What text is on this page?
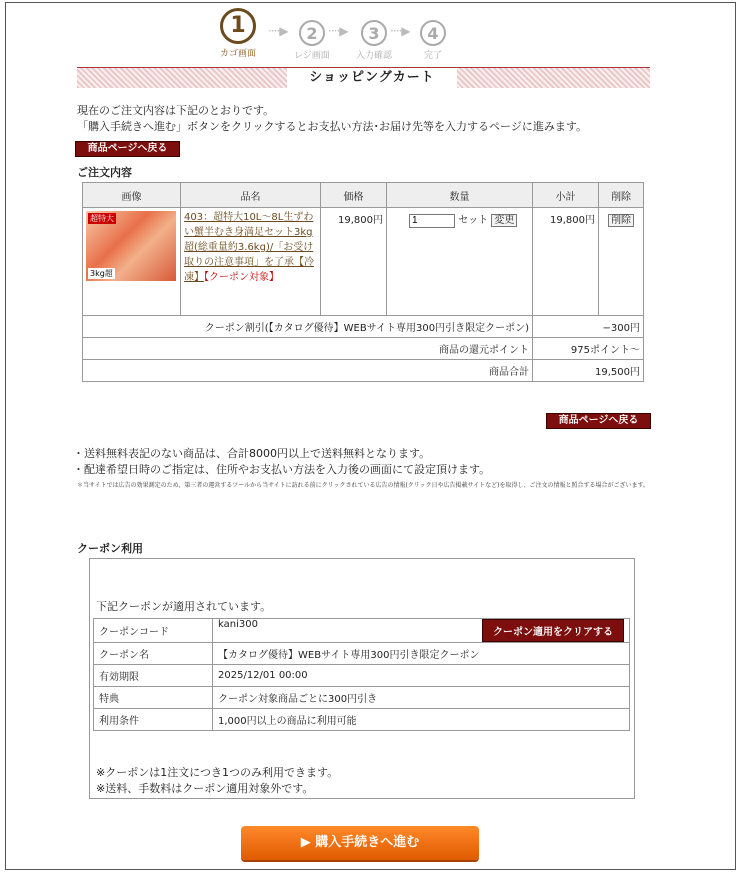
1
カゴ画面
····▶	2
レジ画面
····▶	3
入力確認
····▶	4
完了
ショッピングカート
現在のご注文内容は下記のとおりです。
「購入手続きへ進む」ボタンをクリックするとお支払い方法･お届け先等を入力するページに進みます。
商品ページへ戻る
ご注文内容
画像	品名	価格	数量	小計	削除

超特大
3kg超	403：超特大10L～8L生ずわい蟹半むき身満足セット3kg超(総重量約3.6kg)/「お受け取りの注意事項」を了承【冷凍】【クーポン対象】	19,800円	1セット 変更	19,800円	削除
クーポン割引(【カタログ優待】WEBサイト専用300円引き限定クーポン)				−300円	
商品の還元ポイント				975ポイント〜	
商品合計				19,500円	
商品ページへ戻る
・送料無料表記のない商品は、合計8000円以上で送料無料となります。
・配達希望日時のご指定は、住所やお支払い方法を入力後の画面にて設定頂けます。
＊当サイトでは広告の効果測定のため、第三者の運営するツールから当サイトに訪れる前にクリックされている広告の情報(クリック日や広告掲載サイトなど)を取得し、ご注文の情報と照合する場合がございます。
クーポン利用
下記クーポンが適用されています。
クーポンコード	kani300
クーポン適用をクリアする

クーポン名	【カタログ優待】WEBサイト専用300円引き限定クーポン
有効期限	2025/12/01 00:00
特典	クーポン対象商品ごとに300円引き
利用条件	1,000円以上の商品に利用可能
※クーポンは1注文につき1つのみ利用できます。
※送料、手数料はクーポン適用対象外です。
▶ 購入手続きへ進む
